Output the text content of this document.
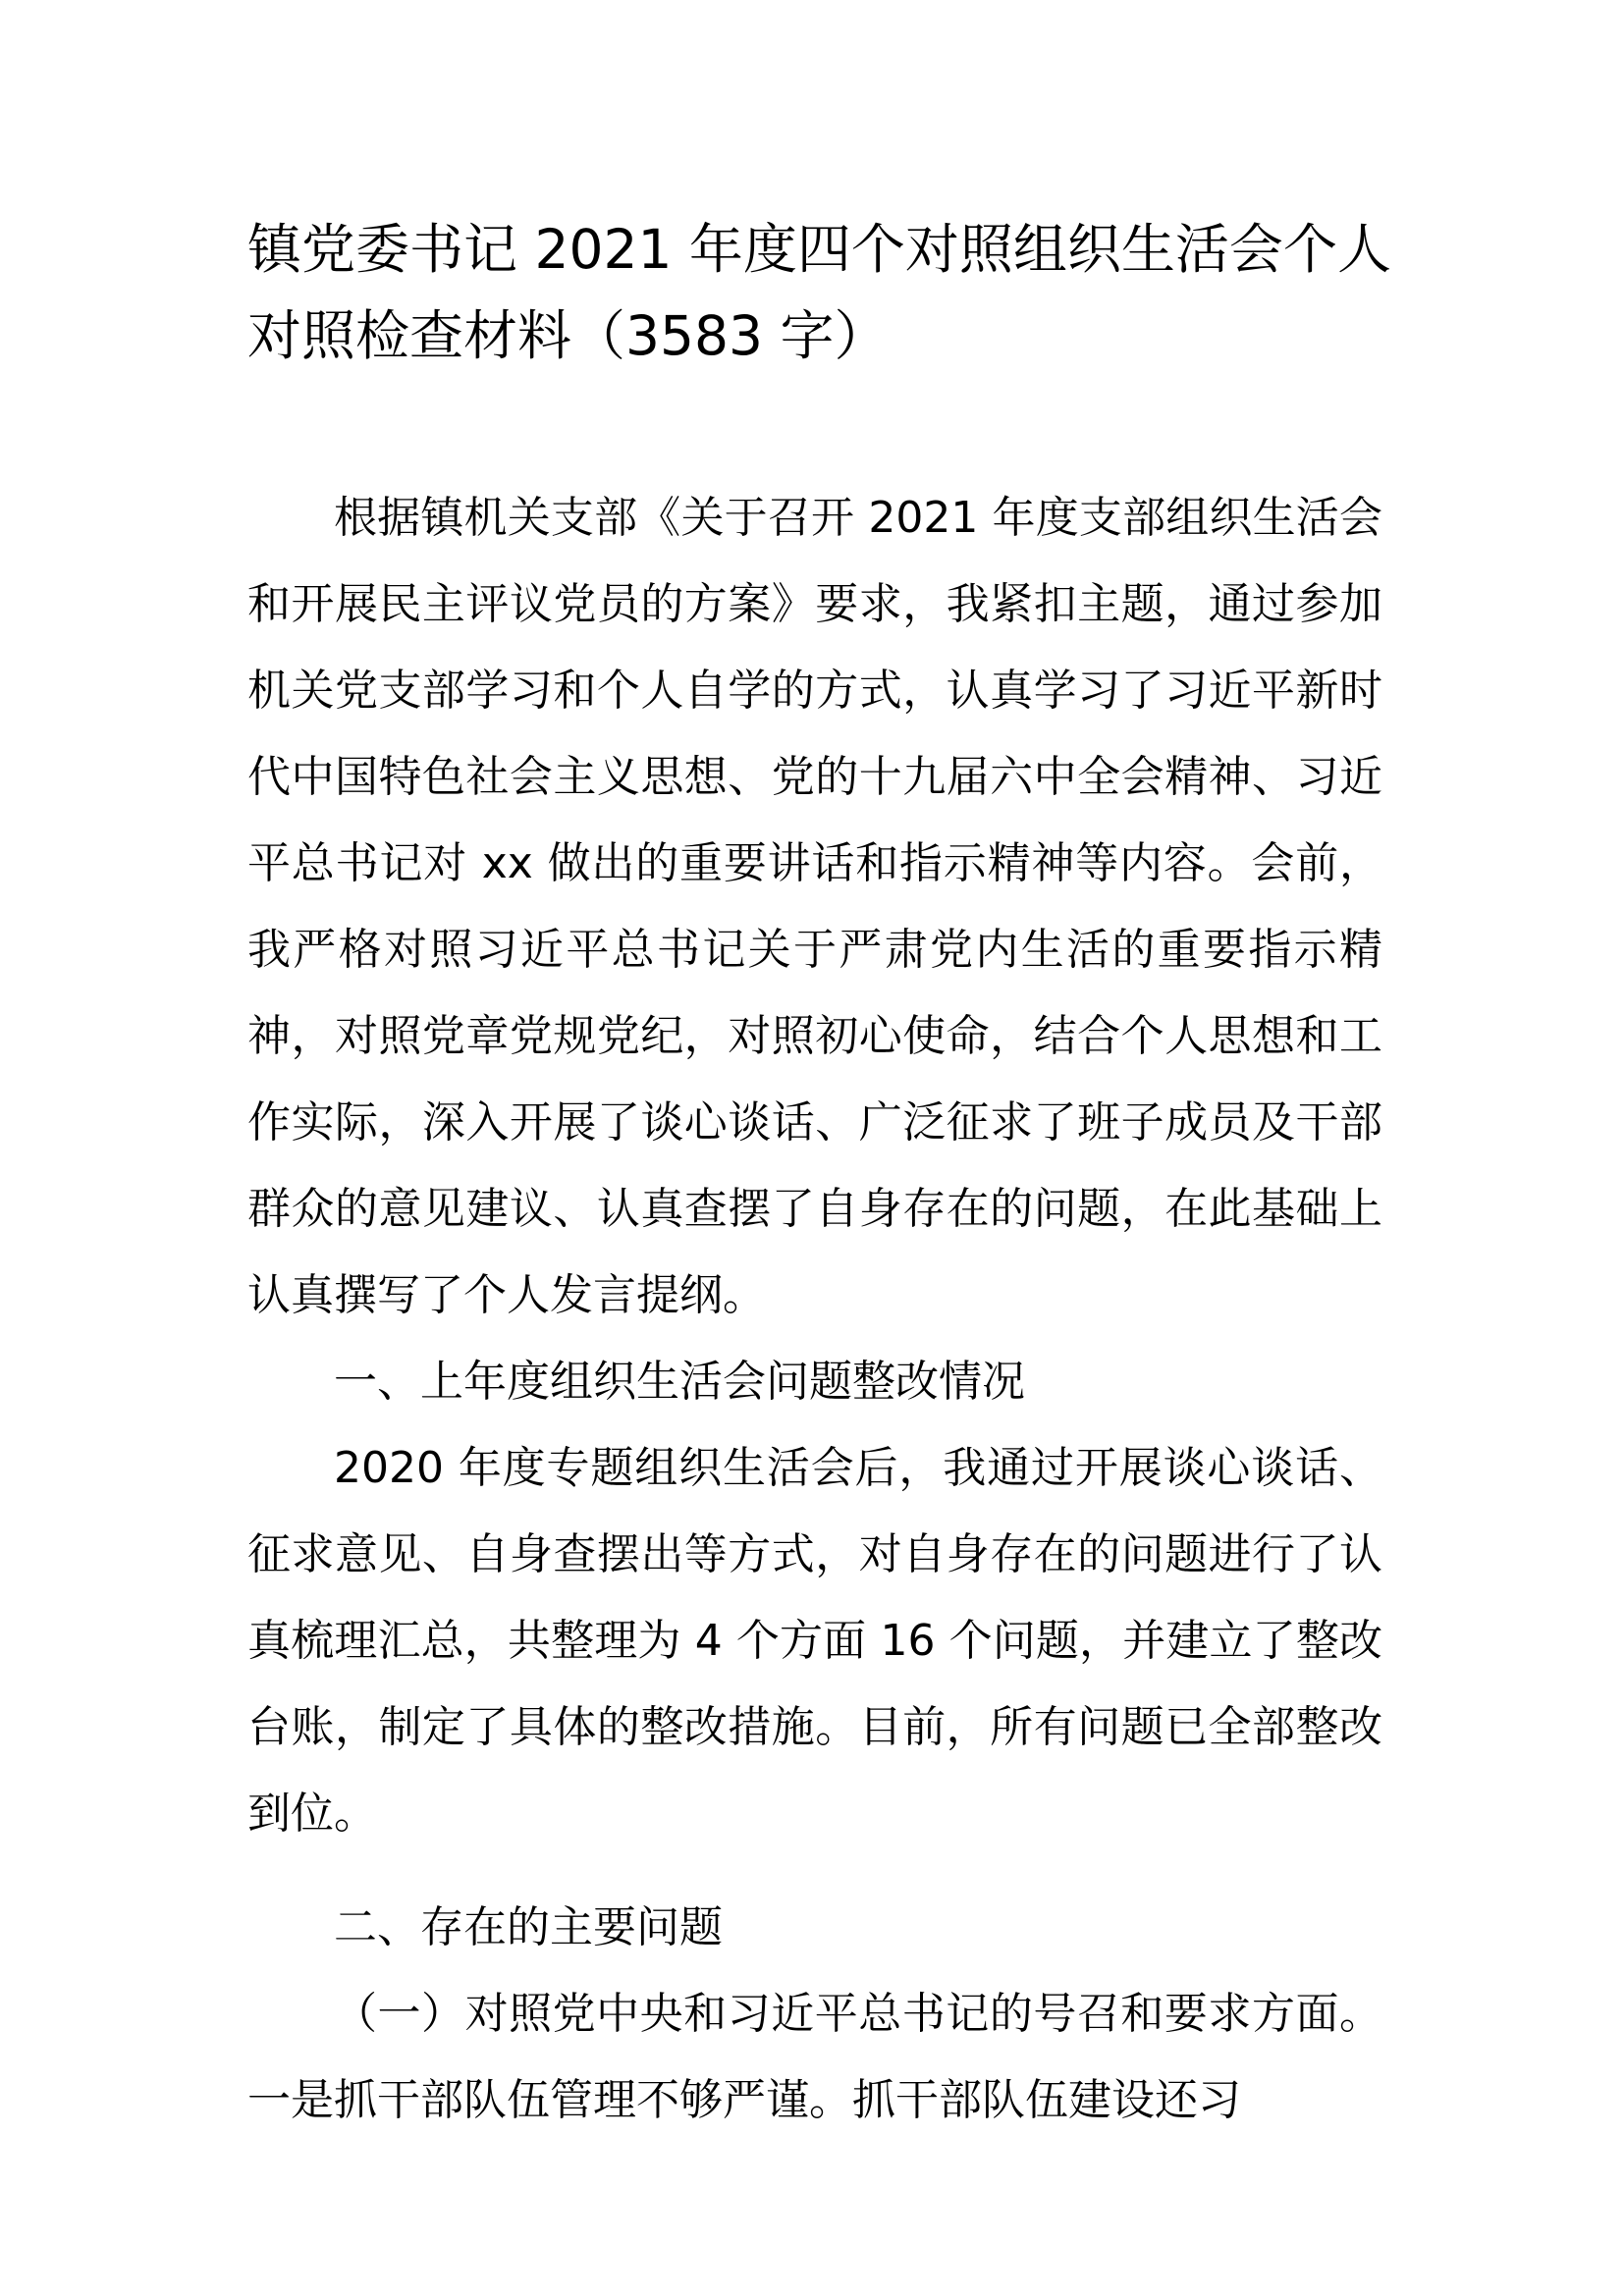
镇党委书记 2021 年度四个对照组织生活会个人对照检查材料（3583 字）

根据镇机关支部《关于召开 2021 年度支部组织生活会和开展民主评议党员的方案》要求，我紧扣主题，通过参加机关党支部学习和个人自学的方式，认真学习了习近平新时代中国特色社会主义思想、党的十九届六中全会精神、习近平总书记对 xx 做出的重要讲话和指示精神等内容。会前，我严格对照习近平总书记关于严肃党内生活的重要指示精神，对照党章党规党纪，对照初心使命，结合个人思想和工作实际，深入开展了谈心谈话、广泛征求了班子成员及干部群众的意见建议、认真查摆了自身存在的问题，在此基础上认真撰写了个人发言提纲。

一、上年度组织生活会问题整改情况

2020 年度专题组织生活会后，我通过开展谈心谈话、征求意见、自身查摆出等方式，对自身存在的问题进行了认真梳理汇总，共整理为 4 个方面 16 个问题，并建立了整改台账，制定了具体的整改措施。目前，所有问题已全部整改到位。

二、存在的主要问题

（一）对照党中央和习近平总书记的号召和要求方面。一是抓干部队伍管理不够严谨。抓干部队伍建设还习
